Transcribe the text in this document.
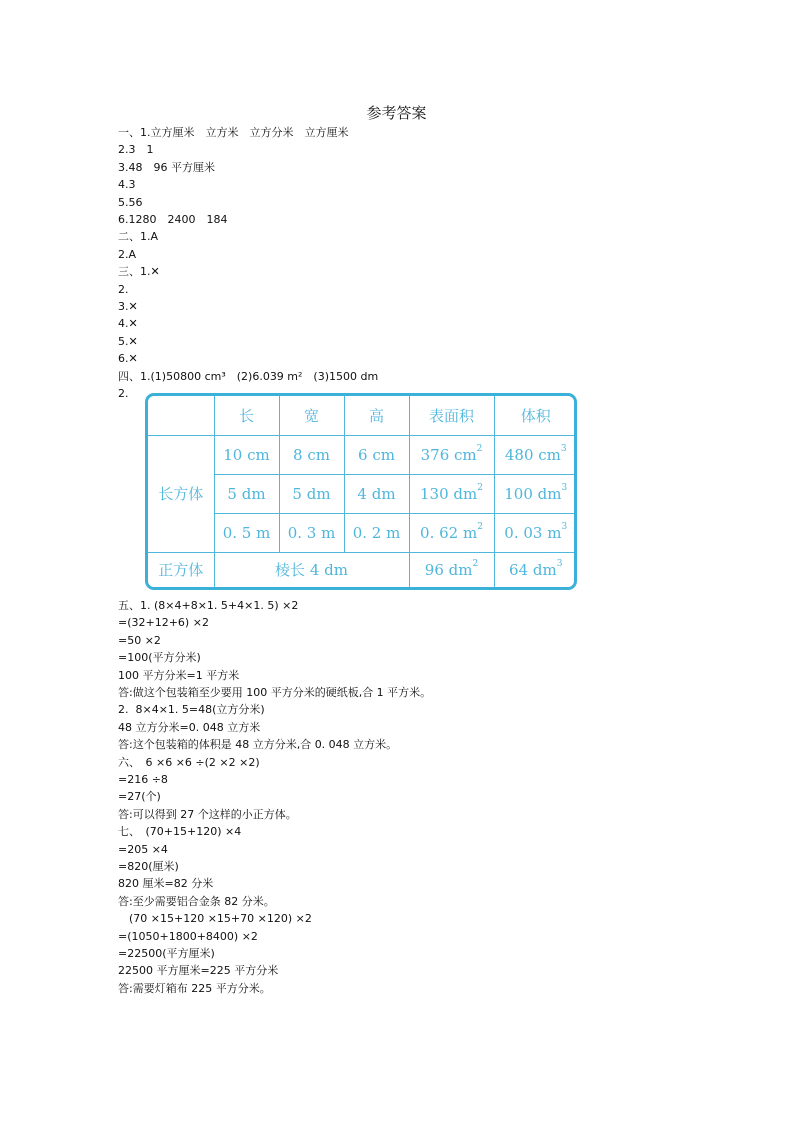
参考答案
一、1.立方厘米　立方米　立方分米　立方厘米
2.3　1
3.48　96 平方厘米
4.3
5.56
6.1280　2400　184
二、1.A
2.A
三、1.✕
2.
3.✕
4.✕
5.✕
6.✕
四、1.(1)50800 cm³　(2)6.039 m²　(3)1500 dm
2.
	长	宽	高	表面积	体积
长方体	10 cm	8 cm	6 cm	376 $cm^2$	480 $cm^3$
	5 dm	5 dm	4 dm	130 $dm^2$	100 $dm^3$
	0. 5 m	0. 3 m	0. 2 m	0. 62 $m^2$	0. 03 $m^3$
正方体	棱长 4 dm			96 $dm^2$	64 $dm^3$
五、1. (8×4+8×1. 5+4×1. 5) ×2
=(32+12+6) ×2
=50 ×2
=100(平方分米)
100 平方分米=1 平方米
答:做这个包装箱至少要用 100 平方分米的硬纸板,合 1 平方米。
2.  8×4×1. 5=48(立方分米)
48 立方分米=0. 048 立方米
答:这个包装箱的体积是 48 立方分米,合 0. 048 立方米。
六、　6 ×6 ×6 ÷(2 ×2 ×2)
=216 ÷8
=27(个)
答:可以得到 27 个这样的小正方体。
七、　(70+15+120) ×4
=205 ×4
=820(厘米)
820 厘米=82 分米
答:至少需要铝合金条 82 分米。
　(70 ×15+120 ×15+70 ×120) ×2
=(1050+1800+8400) ×2
=22500(平方厘米)
22500 平方厘米=225 平方分米
答:需要灯箱布 225 平方分米。
